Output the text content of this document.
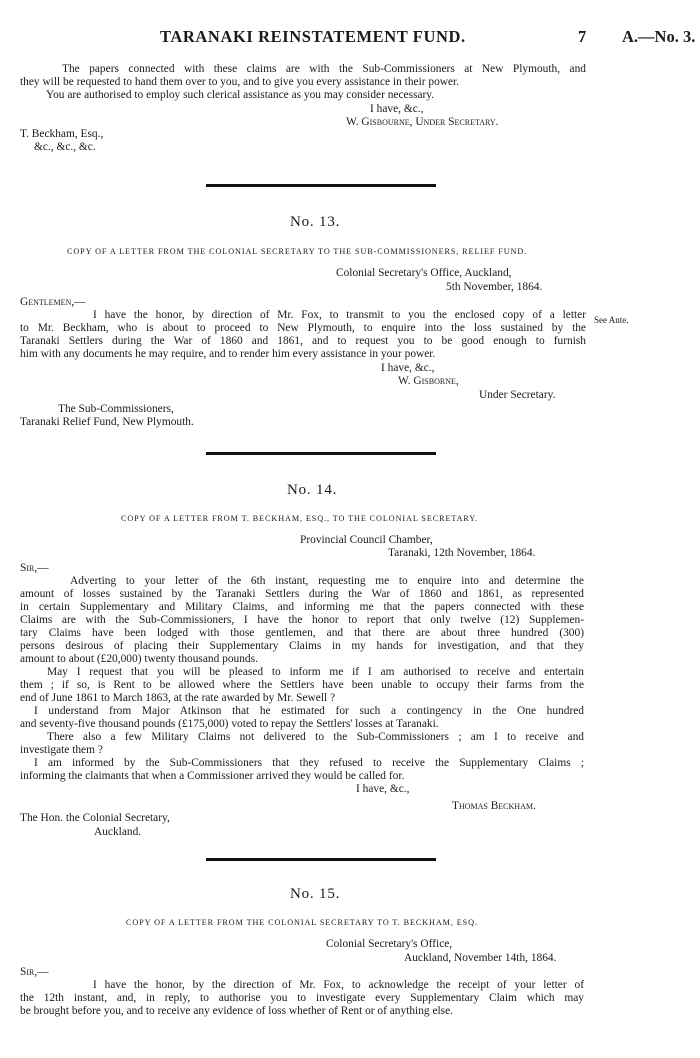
TARANAKI REINSTATEMENT FUND.	7 A.—No. 3.
The papers connected with these claims are with the Sub-Commissioners at New Plymouth, and
they will be requested to hand them over to you, and to give you every assistance in their power.
You are authorised to employ such clerical assistance as you may consider necessary.
I have, &c.,
W. Gisbourne, Under Secretary.
T. Beckham, Esq.,
&c., &c., &c.
No. 13.
COPY OF A LETTER FROM THE COLONIAL SECRETARY TO THE SUB-COMMISSIONERS, RELIEF FUND.
Colonial Secretary's Office, Auckland,
5th November, 1864.
Gentlemen,—
I have the honor, by direction of Mr. Fox, to transmit to you the enclosed copy of a letter
to Mr. Beckham, who is about to proceed to New Plymouth, to enquire into the loss sustained by the
Taranaki Settlers during the War of 1860 and 1861, and to request you to be good enough to furnish
him with any documents he may require, and to render him every assistance in your power.
See Ante.
I have, &c.,
W. Gisborne,
Under Secretary.
The Sub-Commissioners,
Taranaki Relief Fund, New Plymouth.
No. 14.
COPY OF A LETTER FROM T. BECKHAM, ESQ., TO THE COLONIAL SECRETARY.
Provincial Council Chamber,
Taranaki, 12th November, 1864.
Sir,—
Adverting to your letter of the 6th instant, requesting me to enquire into and determine the
amount of losses sustained by the Taranaki Settlers during the War of 1860 and 1861, as represented
in certain Supplementary and Military Claims, and informing me that the papers connected with these
Claims are with the Sub-Commissioners, I have the honor to report that only twelve (12) Supplemen-
tary Claims have been lodged with those gentlemen, and that there are about three hundred (300)
persons desirous of placing their Supplementary Claims in my hands for investigation, and that they
amount to about (£20,000) twenty thousand pounds.
May I request that you will be pleased to inform me if I am authorised to receive and entertain
them ; if so, is Rent to be allowed where the Settlers have been unable to occupy their farms from the
end of June 1861 to March 1863, at the rate awarded by Mr. Sewell ?
I understand from Major Atkinson that he estimated for such a contingency in the One hundred
and seventy-five thousand pounds (£175,000) voted to repay the Settlers' losses at Taranaki.
There also a few Military Claims not delivered to the Sub-Commissioners ; am I to receive and
investigate them ?
I am informed by the Sub-Commissioners that they refused to receive the Supplementary Claims ;
informing the claimants that when a Commissioner arrived they would be called for.
I have, &c.,
Thomas Beckham.
The Hon. the Colonial Secretary,
Auckland.
No. 15.
COPY OF A LETTER FROM THE COLONIAL SECRETARY TO T. BECKHAM, ESQ.
Colonial Secretary's Office,
Auckland, November 14th, 1864.
Sir,—
I have the honor, by the direction of Mr. Fox, to acknowledge the receipt of your letter of
the 12th instant, and, in reply, to authorise you to investigate every Supplementary Claim which may
be brought before you, and to receive any evidence of loss whether of Rent or of anything else.
